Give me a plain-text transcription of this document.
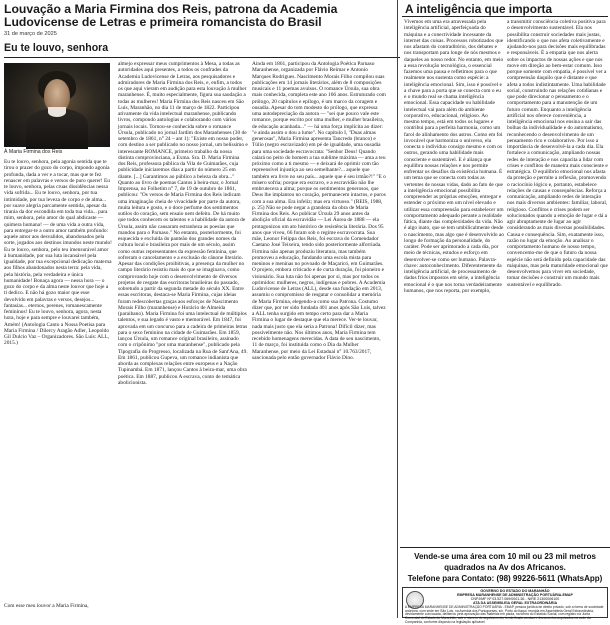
Louvação a Maria Firmina dos Reis, patrona da Academia Ludovicense de Letras e primeira romancista do Brasil
31 de março de 2025
Eu te louvo, senhora
À Maria Firmina dos Reis

Eu te louvo, senhora, pela agonia sentida que te tirou o prazer do gozo do corpo, impondo agonia profunda, dada a ver e a tocar, mas que te fez renascer em palavras e versos de puro querer! Eu te louvo, senhora, pelas cruas dissidências nessa vida sofrida... Eu te louvo, senhora, por tua intimidade, por tua leveza de corpo e de alma... por suave alegria parcamente sentida, apesar da tirania da dor escondida em toda tua vida... para mim, senhora, pelo amor do qual abdicaste — quimera humana! — de uma vida a outra vida, para entregar-te a outro amor também profundo: aquele amor aos desvalidos, abandonados pela sorte, jogados aos destinos imundos neste mundo! Eu te louvo, senhora, pelo teu imensurável amor à humanidade, por sua luta incansável pela igualdade, por tua excepcional dedicação materna aos filhos abandonados nesta terra: pela vida, pela história, pela verdadeira e única humanidade! Bonaça agora — nessa hora — o gozo do corpo e da alma neste louvor que hoje a ti dedico. E não há gozo maior que esse devolvido em palavras e versos, desejos... fantasias... eternos, perenes, romanescamente femininos! Eu te louvo, senhora, agora, nesta hora, hoje e para sempre e louvarei também, Amém! (Antologia Canto a Nossa Poetisa para Maria Firmina / Dilercy Aragão Adler, Leopoldo Gil Dulcio Vaz – Organizadores. São Luís: ALL, 2015.)

Com esse meu louvor a Maria Firmina,

almejo expressar meus cumprimentos à Mesa, a todas as autoridades aqui presentes, a todos os confrades da Academia Ludovicense de Letras, aos pesquisadores e admiradores de Maria Firmina dos Reis, e, enfim, a todos os que aqui vieram em audição para esta louvação à mulher maranhense. É, muito especialmente, figura sua saudação a todas as mulheres! Maria Firmina dos Reis nasceu em São Luís, Maranhão, no dia 11 de março de 1822. Participou ativamente da vida intelectual maranhense, publicando livros, compondo antologias e colaborando com vários jornais locais. Tornou-se conhecida sobre o romance Úrsula, publicado no jornal Jardim dos Maranhenses (30 de setembro de 1861, n° 24 – ant 1): "Existe em nosso poder, com destino a ser publicado no nosso jornal, um belíssimo e interessante ROMANCE, primeiro trabalho da nossa distinta comprovinciana, a Exma. Sra. D. Maria Firmina dos Reis, professora pública da Vila de Guimarães, cuja publicidade iniciaremos dias a partir do número 25 em diante. [...] Garantimos ao público a beleza da obra..." Quanto ao livro de poemas Cantos à beira-mar, o Jornal Imprensa, no Folhetim n° 7, de 19 de outubro de 1861, publicou: "Os versos de Maria Firmina dos Reis indicam uma imaginação cheia de vivacidade por parte da autora, muita leitura e gosto, e o doce perfume dos sentimentos sutilos do coração, sem ensaio nem defeito. De há muito que todos conhecem os talentos e a habilidade da autora de Úrsula, assim não causaram estranheza as poesias que mandou para o Parnaso." No entanto, posteriormente, foi esquecida e excluída do panteão dos grandes nomes da cultura local e brasileira por mais de um século, assim como outras representantes da expressão feminina, que sofreram o cancelamento e a exclusão do cânone literário. Apesar das condições proibitivas, a presença da mulher no campo literário resistiu mais do que se imaginava, como comprovando hoje com o desenvolvimento de diversos projetos de resgate das escritoras brasileiras do passado, sobretudo a partir da segunda metade do século XX. Entre essas escritoras, destaca-se Maria Firmina, cujas ideias foram redescobertas graças aos esforços de Nascimento Morais Filho (maranhense) e Horácio de Almeida (paraibano). Maria Firmina foi uma intelectual de múltiplos talentos, e sua legado é vasto e memorável. Em 1847, foi aprovada em um concurso para a cadeira de primeiras letras para o sexo feminino na cidade de Guimarães. Em 1859, lançou Úrsula, um romance original brasileiro, assinado com o cripônimo "por uma maranhense", publicado pela Tipografia do Progresso, localizada na Rua de Sant'Ana, 49. Em 1861, publicou Gupeva, um romance indianista que aborda as complexas relações entre europeus e a Nação Tupinambá. Em 1871, lançou Cantos à beira-mar, uma obra poética. Em 1887, publicou A escrava, conto de temática abolicionista.

Ainda em 1861, participou da Antologia Poética Parnaso Maranhense, organizada por Flávio Reimar e Antonio Marques Rodrigues. Nascimento Morais Filho compilou suas publicações em 14 jornais literários, além de 8 composições musicais e 11 poemas avulsos. O romance Úrsula, sua obra mais conhecida, completa este ano 166 anos. Estruturado com prólogo, 20 capítulos e epílogo, é um marco da coragem e ousadia. Apesar do tom modesto do prólogo, que expressa uma autodepreciação da autora — "sei que pouco vale este romance, porque escrito por uma mulher, e mulher brasileira, de educação acanhada..." — há uma força implícita ao dizer: "e ainda assim o dou a lume". No capítulo I, "Duas almas generosas", Maria Firmina apresenta Tancredo (branco) e Túlio (negro escravizado) em pé de igualdade, uma ousadia para uma sociedade escravocrata: "Senhor Deus! Quando calará no peito do homem a tua sublime máxima — ama a teu próximo como a ti mesmo — e deixará de oprimir com tão repreensível injustiça ao seu semelhante?... aquele que também era livre no seu país... aquele que é seu irmão?!" "E o mísero sofria; porque era escravo, e a escravidão não lhe embrutecera a alma; porque os sentimentos generosos, que Deus lhe implantou no coração, permanecem intactos, e puros com a sua alma. Era infeliz; mas era virtuoso." (REIS, 1988, p. 25) Não se pode negar a grandeza da obra de Maria Firmina dos Reis. Ao publicar Úrsula 29 anos antes da abolição oficial da escravidão — Lei Áurea de 1888 — ela protagonizou um ato histórico de resistência literária. Dos 95 anos que viveu, 66 foram sob o regime escravocrata. Sua mãe, Leonor Felippa dos Reis, foi escrava do Comendador Caetano José Teixeira, tendo sido posteriormente alforriada. Firmina não apenas produziu literatura, mas também promoveu a educação, fundando uma escola mista para meninos e meninas no povoado de Maçaricó, em Guimarães. O projeto, embora criticado e de curta duração, foi pioneiro e visionário. Sua luta não foi apenas por si, mas por todos os oprimidos: mulheres, negros, indígenas e pobres. A Academia Ludovicense de Letras (ALL), desde sua fundação em 2013, assumiu o compromisso de resgatar e consolidar a memória de Maria Firmina, elegendo-a como sua Patrona. Costumo dizer que, por ter sido fundada 401 anos após São Luís, talvez a ALL tenha surgido em tempo certo para dar a Maria Firmina o lugar de destaque que ela merece. Ver-te louvar, nada mais justo que ela seria a Patrona! Difícil dizer, mas possivelmente não. Nos últimos anos, Maria Firmina tem recebido homenagens merecidas. A data de seu nascimento, 11 de março, foi instituída como o Dia da Mulher Maranhense, por meio da Lei Estadual n° 10.763/2017, sancionada pelo então governador Flávio Dino.

A inteligência que importa

Vivemos em uma era atravessada pela inteligência artificial, aperfeiçoada do máquina e a conectividade incessante da internet das coisas. Processos robotizados que nos afastam do contraditório, dos debates e nos transportam para longe de nós mesmos e daqueles ao nosso redor. No entanto, em meio a essa revolução tecnológica, o essencial fazemos uma pausa e refletimos para o que realmente nos sustenta como espécie: a inteligência emocional. Sim, isso é possível e a chave para a porta que se conecta com o eu e o mundo real se chama inteligência emocional. Essa capacidade ou habilidade intelectual vai para além do ambiente corporativo, educacional, religioso. Ao mesmo tempo, está em todos os lugares e contribui para a perfeita harmonia, como um farol de alinhamento dos astros. Como em foi invocável que harmoniza o universo, ela conecta o indivíduo consigo mesmo e com os outros, gerando uma habilidade mais consciente e sustentável. E é aliança que equilibra nossas relações e nos permite enfrentar os desafios da existência humana. É um tema que se conecta com todas as vertentes de nossas vidas, dado ao fato de que a inteligência emocional possibilita compreender as próprias emoções, entregar e estender o próximo em um nível elevado e utilizar essa compreensão para estabelecer um comportamento adequado perante a realidade fática, diante das complexidades da vida. Não é algo inato, que se tem umbilicalmente desde o nascimento, mas algo que é desenvolvido ao longo de formação da personalidade, do caráter. Pode ser aprimorado a cada dia, por meio de técnicas, estudos e esforço em desenvolver-se como ser humano. Palavra-chave: autoconhecimento. Diferentemente da inteligência artificial, de processamento de dados frios impostos em série, a inteligência emocional é o que nos torna verdadeiramente humanos, que nos reporta, por exemplo,

a transmitir consciência coletiva positiva para o desenvolvimento sustentável. Ela nos possibilita construir sociedades mais justas, identificando o que nos afeta coletivamente e ajudando-nos para decisões mais equilibradas e responsáveis. É a empatia que nos alerta sobre os impactos de nossas ações e que nos move em direção ao bem-estar comum. Isso porque somente com empatia, é possível ver a compreensão daquilo que é distante e que afeta a todos indistintamente. Uma habilidade social, construindo nas relações cotidianas e que pode direcionar o pensamento e o comportamento para a manutenção de um futuro comum. Enquanto a inteligência artificial nos oferece conveniência, a inteligência emocional nos ensina a sair das bolhas da individualidade e do automatismo, reconhecendo o desenvolvimento de um pensamento rico e colaborativo. Por isso a importância de desenvolvê-la a cada dia. Ela fortalece a comunicação, ampliando nossas redes de interação e nos capacita a lidar com crises e conflitos de maneira mais consciente e estratégica. O equilíbrio emocional nos afasta da proteção e permite a reflexão, promovendo o raciocínio lógico e, portanto, estabelece relações de causas e consequências. Reforça a comunicação, ampliando redes de interação nos mais diversos ambientes: familiar, laboral, religioso. Conflitos e crises podem ser solucionados quando a emoção de lugar e dá a agir abruptamente de lugar ao agir considerando as mais diversas possibilidades. Causa e consequência. Sim, exatamente isso, razão no lugar da emoção. Ao analisar o comportamento humano de nosso tempo, convencemo-me de que o futuro da nossa espécie não será definido pela capacidade das máquinas, mas pela maturidade emocional que desenvolvemos para viver em sociedade, tomar decisões e construir um mundo mais sustentável e equilibrado.

Vende-se uma área com 10 mil ou 23 mil metros
quadrados na Av dos Africanos.
Telefone para Contato: (98) 99226-5611 (WhatsApp)
GOVERNO DO ESTADO DO MARANHÃO
EMPRESA MARANHENSE DE ADMINISTRAÇÃO PORTUÁRIA-EMAP
CNPJ/MF Nº 03.527.069/0001-36 - NIRE 21300006100
ATA DA ASSEMBLEIA GERAL EXTRAORDINÁRIA
A EMPRESA MARANHENSE DE ADMINISTRAÇÃO PORTUÁRIA - EMAP, pessoa jurídica de direito privado, sob a forma de sociedade anônima, com sede em São Luís, na Avenida dos Portugueses, s/n, Porto do Itaqui, reunida em Assembleia Geral Extraordinária, devidamente convocada, deliberou pela aprovação das matérias em pauta, na forma do Estatuto Social, com registro na Junta Comercial do Estado do Maranhão, sob o número de arquivamento, tendo ficado as atas e documentos arquivados na sede da Companhia, conforme disposto na legislação aplicável.
